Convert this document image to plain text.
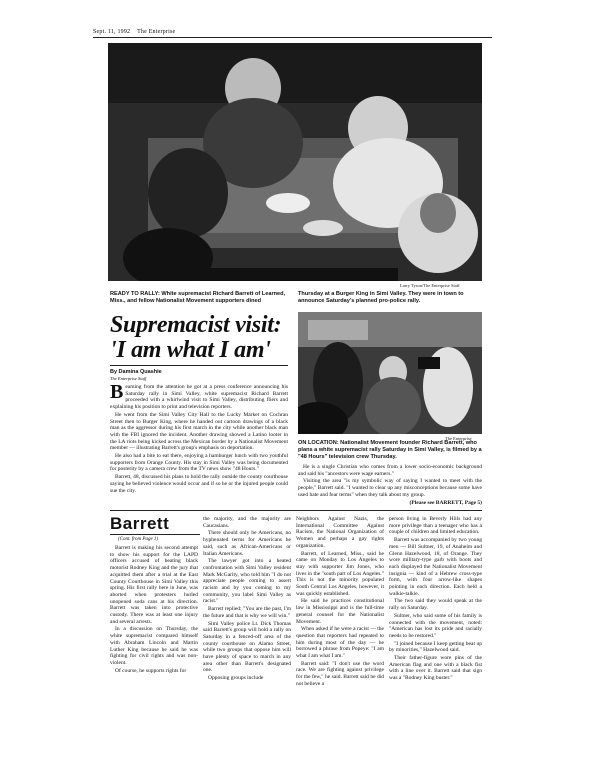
Sept. 11, 1992 The Enterprise
Larry Tyson/The Enterprise Staff
READY TO RALLY: White supremacist Richard Barrett of Learned, Miss., and fellow Nationalist Movement supporters dined
Thursday at a Burger King in Simi Valley. They were in town to announce Saturday's planned pro-police rally.
Supremacist visit:
'I am what I am'
By Damina Quashie
The Enterprise Staff

Beaming from the attention he got at a press conference announcing his Saturday rally in Simi Valley, white supremacist Richard Barrett proceeded with a whirlwind visit to Simi Valley, distributing fliers and explaining his position to print and television reporters.

He went from the Simi Valley City Hall to the Lucky Market on Cochran Street then to Burger King, where he handed out cartoon drawings of a black man as the aggressor during his first march in the city while another black man with the FBI ignored the incident. Another drawing showed a Latino looter in the LA riots being kicked across the Mexican border by a Nationalist Movement member — illustrating Barrett's group's emphasis on deportation.

He also had a bite to eat there, enjoying a hamburger lunch with two youthful supporters from Orange County. His stay in Simi Valley was being documented for posterity by a camera crew from the TV news show "48 Hours."

Barrett, 48, discussed his plans to hold the rally outside the county courthouse saying he believed violence would occur and if so he or the injured people could sue the city.

The Enterprise
ON LOCATION: Nationalist Movement founder Richard Barrett, who plans a white supremacist rally Saturday in Simi Valley, is filmed by a "48 Hours" television crew Thursday.

He is a single Christian who comes from a lower socio-economic background and said his "ancestors were wage earners."

Visiting the area "is my symbolic way of saying I wanted to meet with the people," Barrett said. "I wanted to clear up any misconceptions because some have used hate and fear terms" when they talk about my group.

(Please see BARRETT, Page 5)

Barrett
(Cont. from Page 1)

Barrett is making his second attempt to show his support for the LAPD officers accused of beating black motorist Rodney King and the jury that acquitted them after a trial at the East County Courthouse in Simi Valley this spring. His first rally here in June, was aborted when protesters hurled unopened soda cans at his direction. Barrett was taken into protective custody. There was at least one injury and several arrests.

In a discussion on Thursday, the white supremacist compared himself with Abraham Lincoln and Martin Luther King because he said he was fighting for civil rights and was non-violent.

Of course, he supports rights for

the majority, and the majority are Caucasians.

There should only be Americans, no hyphenated terms for Americans he said, such as African-Americans or Italian Americans.

The lawyer got into a heated confrontation with Simi Valley resident Mark McGarity, who told him "I do not appreciate people coming to assert racism and by you coming to my community, you label Simi Valley as racist."

Barrett replied: "You are the past, I'm the future and that is why we will win."

Simi Valley police Lt. Dick Thomas said Barrett's group will hold a rally on Saturday in a fenced-off area of the county courthouse on Alamo Street, while two groups that oppose him will have plenty of space to march in any area other than Barrett's designated one.

Opposing groups include

Neighbors Against Nazis, the International Committee Against Racism, the National Organization of Women and perhaps a gay rights organization.

Barrett, of Learned, Miss., said he came on Monday to Los Angeles to stay with supporter Jim Jones, who lives in the "south part of Los Angeles." This is not the minority populated South Central Los Angeles, however, it was quickly established.

He said he practices constitutional law in Mississippi and is the full-time general counsel for the Nationalist Movement.

When asked if he were a racist — the question that reporters had repeated to him during most of the day — he borrowed a phrase from Popeye: "I am what I am what I am."

Barrett said: "I don't use the word race. We are fighting against privilege for the few," he said. Barrett said he did not believe a

person living in Beverly Hills had any more privilege than a teenager who has a couple of children and limited education.

Barrett was accompanied by two young men — Bill Sultner, 19, of Anaheim and Glenn Hazelwood, 18, of Orange. They wore military-type garb with boots and each displayed the Nationalist Movement insignia — kind of a Hebrew cross-type form, with four arrow-like shapes pointing in each direction. Each held a walkie-talkie.

The two said they would speak at the rally on Saturday.

Sultner, who said some of his family is connected with the movement, noted: "American has lost its pride and racially needs to be restored."

"I joined because I keep getting beat up by minorities," Hazelwood said.

Their father-figure wore pins of the American flag and one with a black fist with a line over it. Barrett said that sign was a "Rodney King buster."
